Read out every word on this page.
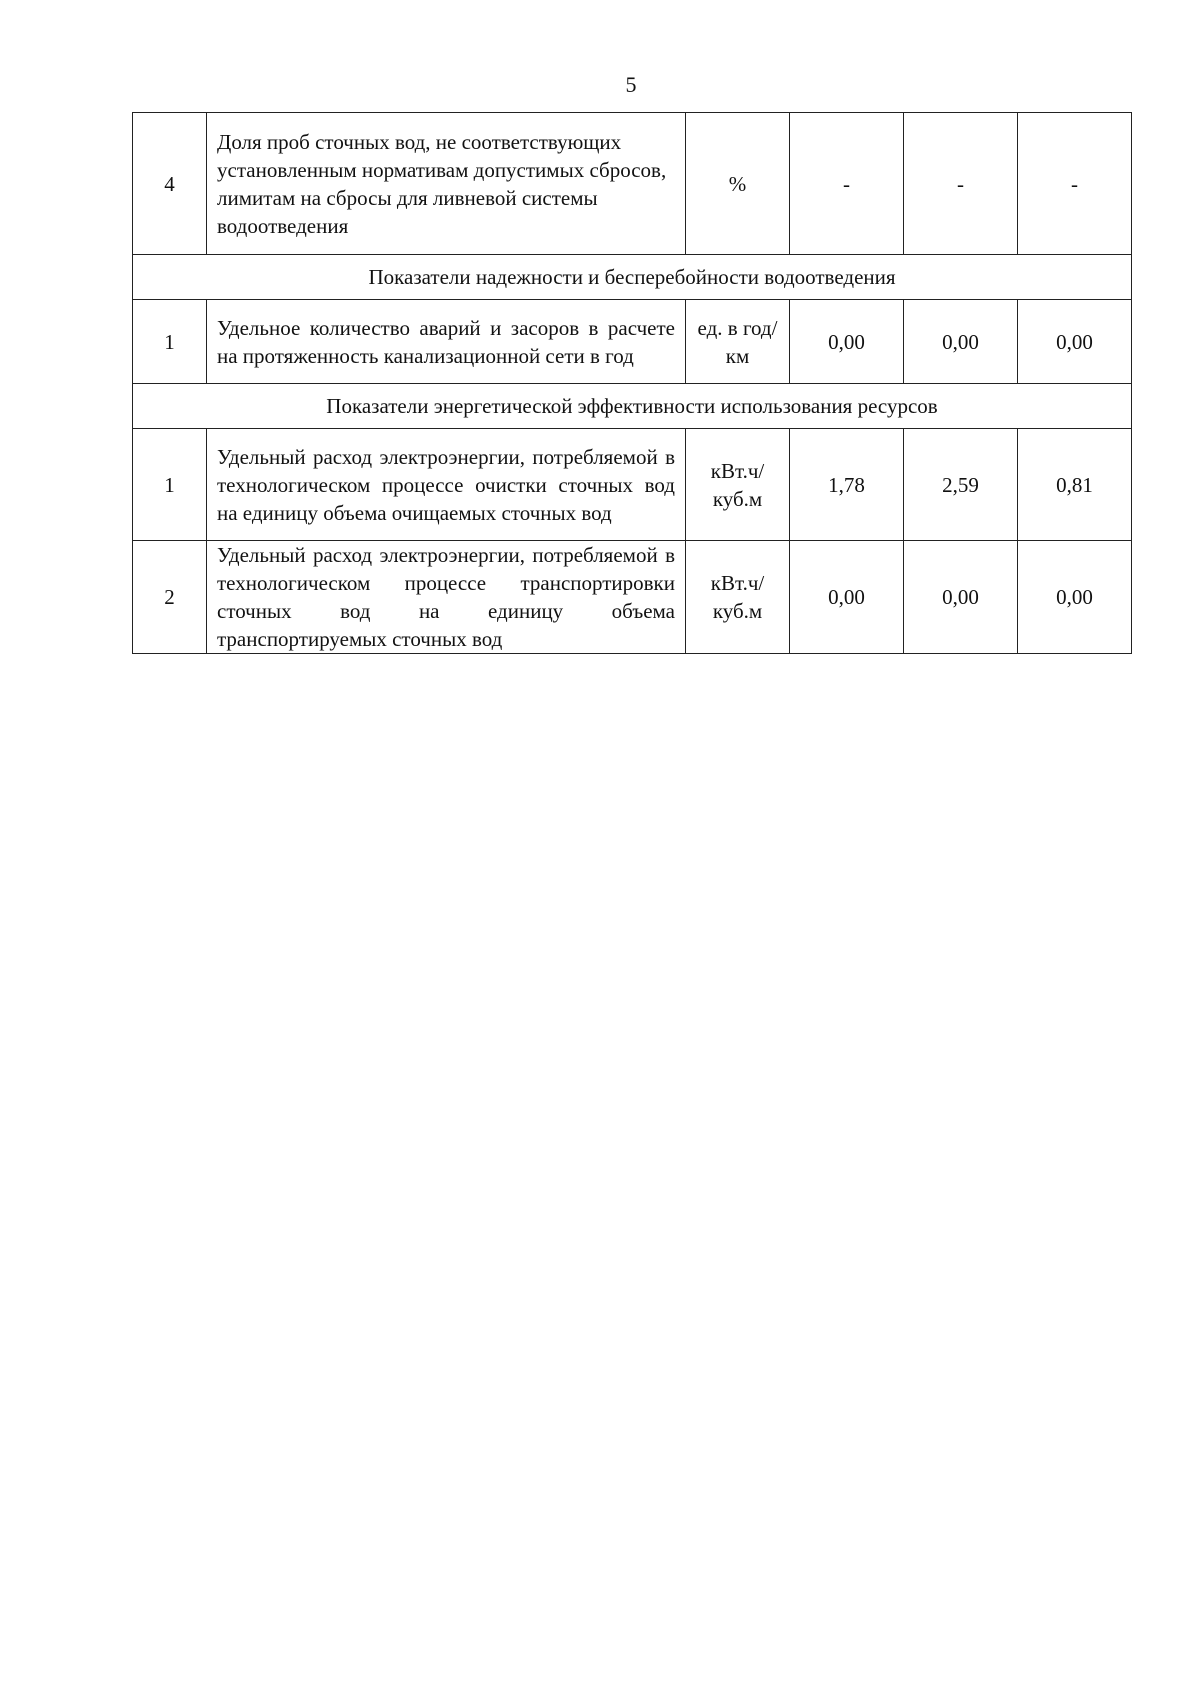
5
4	Доля проб сточных вод, не соответствующих установленным нормативам допустимых сбросов, лимитам на сбросы для ливневой системы водоотведения	%	-	-	-
Показатели надежности и бесперебойности водоотведения					
1	Удельное количество аварий и засоров в расчете на протяженность канализационной сети в год	ед. в год/ км	0,00	0,00	0,00
Показатели энергетической эффективности использования ресурсов					
1	Удельный расход электроэнергии, потребляемой в технологическом процессе очистки сточных вод на единицу объема очищаемых сточных вод	кВт.ч/ куб.м	1,78	2,59	0,81
2	Удельный расход электроэнергии, потребляемой в технологическом процессе транспортировки сточных вод на единицу объема транспортируемых сточных вод	кВт.ч/ куб.м	0,00	0,00	0,00
